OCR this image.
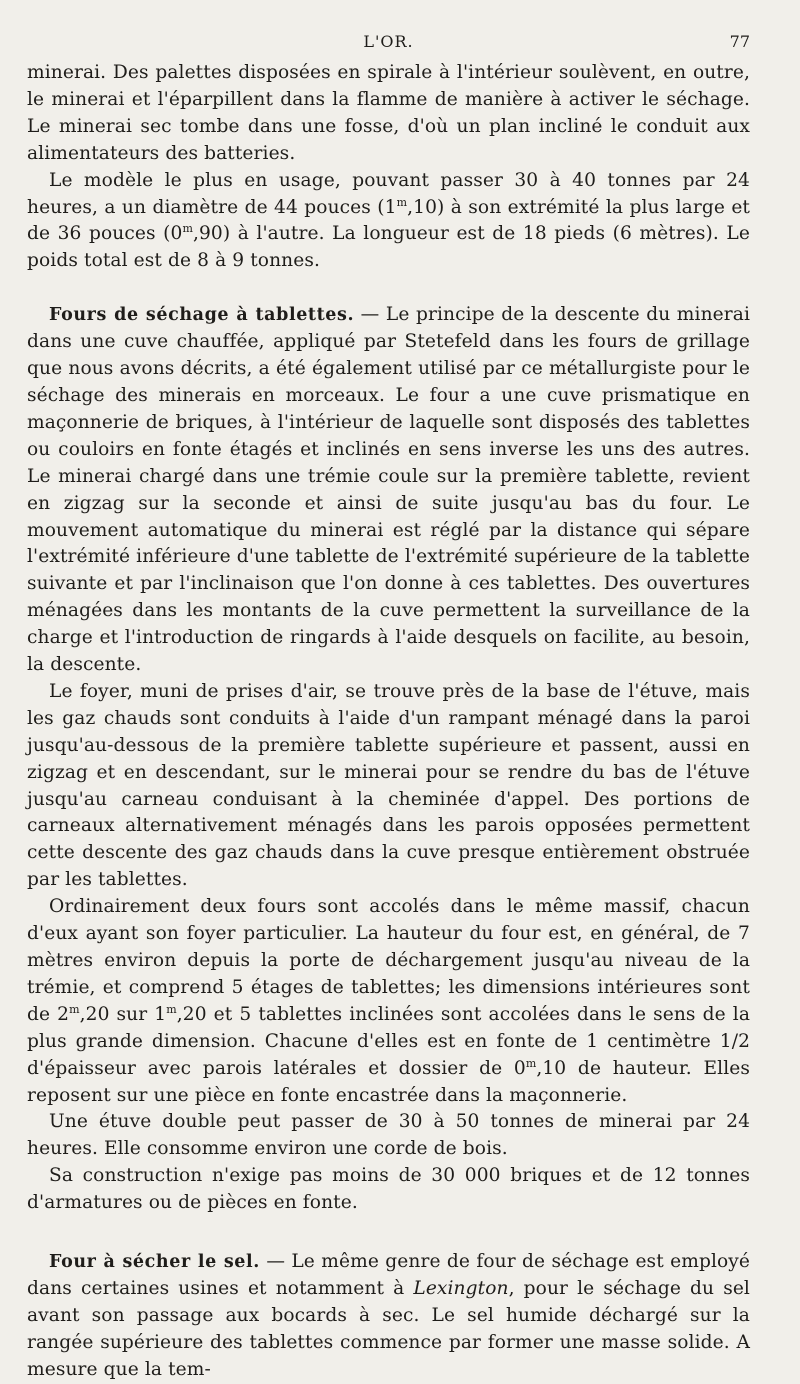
L'OR.	77

minerai. Des palettes disposées en spirale à l'intérieur soulèvent, en outre, le minerai et l'éparpillent dans la flamme de manière à activer le séchage. Le minerai sec tombe dans une fosse, d'où un plan incliné le conduit aux alimentateurs des batteries.

Le modèle le plus en usage, pouvant passer 30 à 40 tonnes par 24 heures, a un diamètre de 44 pouces (1$^m$,10) à son extrémité la plus large et de 36 pouces (0$^m$,90) à l'autre. La longueur est de 18 pieds (6 mètres). Le poids total est de 8 à 9 tonnes.

Fours de séchage à tablettes. — Le principe de la descente du minerai dans une cuve chauffée, appliqué par Stetefeld dans les fours de grillage que nous avons décrits, a été également utilisé par ce métallurgiste pour le séchage des minerais en morceaux. Le four a une cuve prismatique en maçonnerie de briques, à l'intérieur de laquelle sont disposés des tablettes ou couloirs en fonte étagés et inclinés en sens inverse les uns des autres. Le minerai chargé dans une trémie coule sur la première tablette, revient en zigzag sur la seconde et ainsi de suite jusqu'au bas du four. Le mouvement automatique du minerai est réglé par la distance qui sépare l'extrémité inférieure d'une tablette de l'extrémité supérieure de la tablette suivante et par l'inclinaison que l'on donne à ces tablettes. Des ouvertures ménagées dans les montants de la cuve permettent la surveillance de la charge et l'introduction de ringards à l'aide desquels on facilite, au besoin, la descente.

Le foyer, muni de prises d'air, se trouve près de la base de l'étuve, mais les gaz chauds sont conduits à l'aide d'un rampant ménagé dans la paroi jusqu'au-dessous de la première tablette supérieure et passent, aussi en zigzag et en descendant, sur le minerai pour se rendre du bas de l'étuve jusqu'au carneau conduisant à la cheminée d'appel. Des portions de carneaux alternativement ménagés dans les parois opposées permettent cette descente des gaz chauds dans la cuve presque entièrement obstruée par les tablettes.

Ordinairement deux fours sont accolés dans le même massif, chacun d'eux ayant son foyer particulier. La hauteur du four est, en général, de 7 mètres environ depuis la porte de déchargement jusqu'au niveau de la trémie, et comprend 5 étages de tablettes; les dimensions intérieures sont de 2$^m$,20 sur 1$^m$,20 et 5 tablettes inclinées sont accolées dans le sens de la plus grande dimension. Chacune d'elles est en fonte de 1 centimètre 1/2 d'épaisseur avec parois latérales et dossier de 0$^m$,10 de hauteur. Elles reposent sur une pièce en fonte encastrée dans la maçonnerie.

Une étuve double peut passer de 30 à 50 tonnes de minerai par 24 heures. Elle consomme environ une corde de bois.

Sa construction n'exige pas moins de 30 000 briques et de 12 tonnes d'armatures ou de pièces en fonte.

Four à sécher le sel. — Le même genre de four de séchage est employé dans certaines usines et notamment à Lexington, pour le séchage du sel avant son passage aux bocards à sec. Le sel humide déchargé sur la rangée supérieure des tablettes commence par former une masse solide. A mesure que la tem-
